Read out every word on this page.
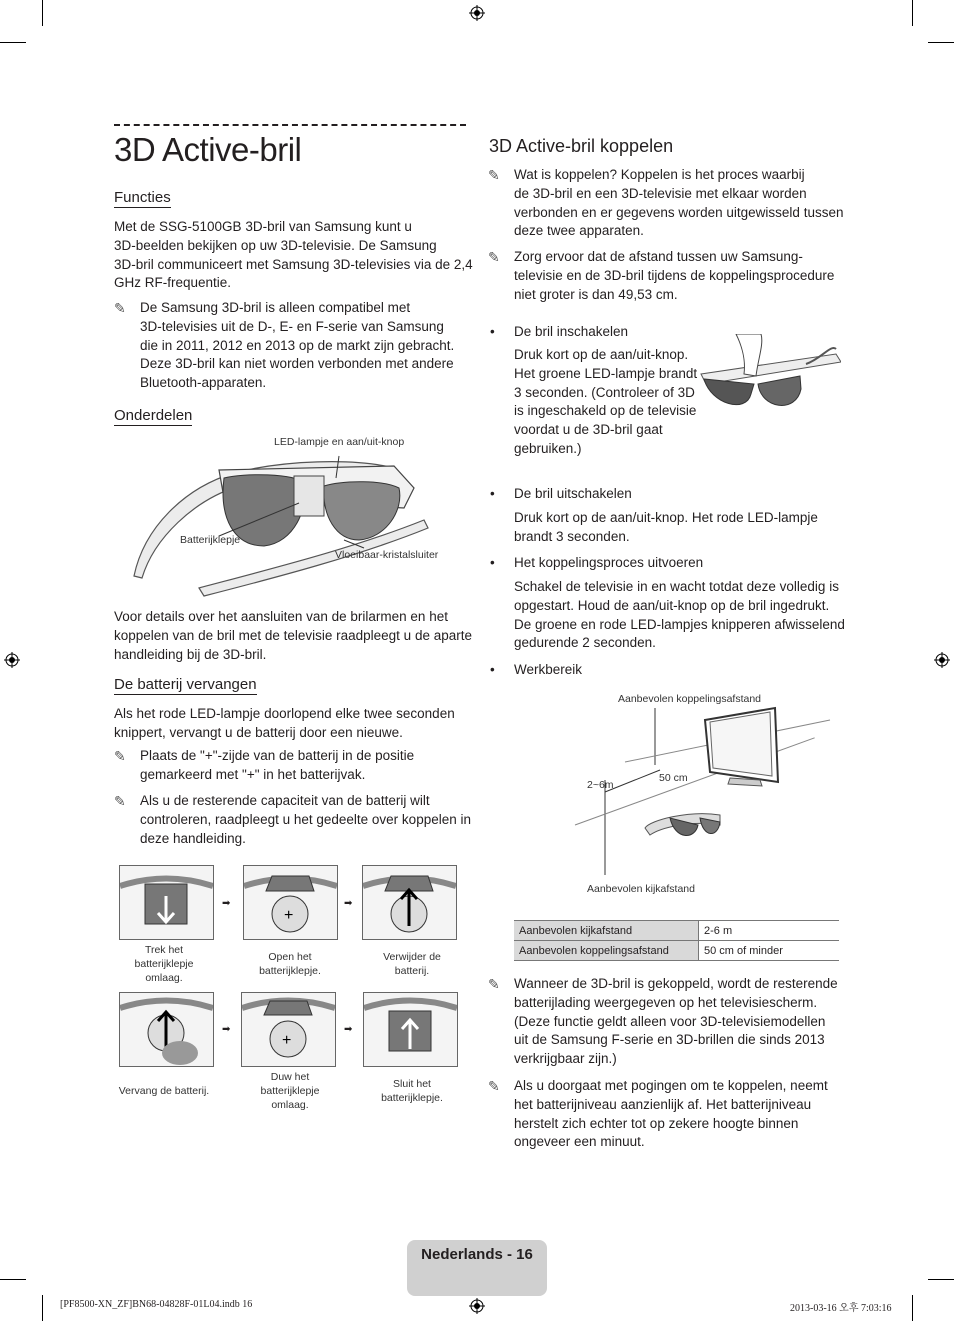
3D Active-bril
Functies
Met de SSG-5100GB 3D-bril van Samsung kunt u
3D-beelden bekijken op uw 3D-televisie. De Samsung
3D-bril communiceert met Samsung 3D-televisies via de 2,4
GHz RF-frequentie.
✎ De Samsung 3D-bril is alleen compatibel met
3D-televisies uit de D-, E- en F-serie van Samsung
die in 2011, 2012 en 2013 op de markt zijn gebracht.
Deze 3D-bril kan niet worden verbonden met andere
Bluetooth-apparaten.
Onderdelen
LED-lampje en aan/uit-knop
Batterijklepje
Vloeibaar-kristalsluiter
Voor details over het aansluiten van de brilarmen en het
koppelen van de bril met de televisie raadpleegt u de aparte
handleiding bij de 3D-bril.
De batterij vervangen
Als het rode LED-lampje doorlopend elke twee seconden
knippert, vervangt u de batterij door een nieuwe.
✎ Plaats de "+"-zijde van de batterij in de positie
gemarkeerd met "+" in het batterijvak.
✎ Als u de resterende capaciteit van de batterij wilt
controleren, raadpleegt u het gedeelte over koppelen in
deze handleiding.
+
➡	➡
Trek het
batterijklepje
omlaag.
Open het
batterijklepje.
Verwijder de
batterij.
+
➡	➡
Vervang de batterij.
Duw het
batterijklepje
omlaag.
Sluit het
batterijklepje.
3D Active-bril koppelen
✎ Wat is koppelen? Koppelen is het proces waarbij
de 3D-bril en een 3D-televisie met elkaar worden
verbonden en er gegevens worden uitgewisseld tussen
deze twee apparaten.
✎ Zorg ervoor dat de afstand tussen uw Samsung-
televisie en de 3D-bril tijdens de koppelingsprocedure
niet groter is dan 49,53 cm.
• De bril inschakelen
Druk kort op de aan/uit-knop.
Het groene LED-lampje brandt
3 seconden. (Controleer of 3D
is ingeschakeld op de televisie
voordat u de 3D-bril gaat
gebruiken.)
• De bril uitschakelen
Druk kort op de aan/uit-knop. Het rode LED-lampje
brandt 3 seconden.
• Het koppelingsproces uitvoeren
Schakel de televisie in en wacht totdat deze volledig is
opgestart. Houd de aan/uit-knop op de bril ingedrukt.
De groene en rode LED-lampjes knipperen afwisselend
gedurende 2 seconden.
• Werkbereik
Aanbevolen koppelingsafstand
50 cm
2~6m
Aanbevolen kijkafstand
Aanbevolen kijkafstand	2-6 m
Aanbevolen koppelingsafstand	50 cm of minder
✎ Wanneer de 3D-bril is gekoppeld, wordt de resterende
batterijlading weergegeven op het televisiescherm.
(Deze functie geldt alleen voor 3D-televisiemodellen
uit de Samsung F-serie en 3D-brillen die sinds 2013
verkrijgbaar zijn.)
✎ Als u doorgaat met pogingen om te koppelen, neemt
het batterijniveau aanzienlijk af. Het batterijniveau
herstelt zich echter tot op zekere hoogte binnen
ongeveer een minuut.
Nederlands - 16
[PF8500-XN_ZF]BN68-04828F-01L04.indb 16	2013-03-16 오후 7:03:16
